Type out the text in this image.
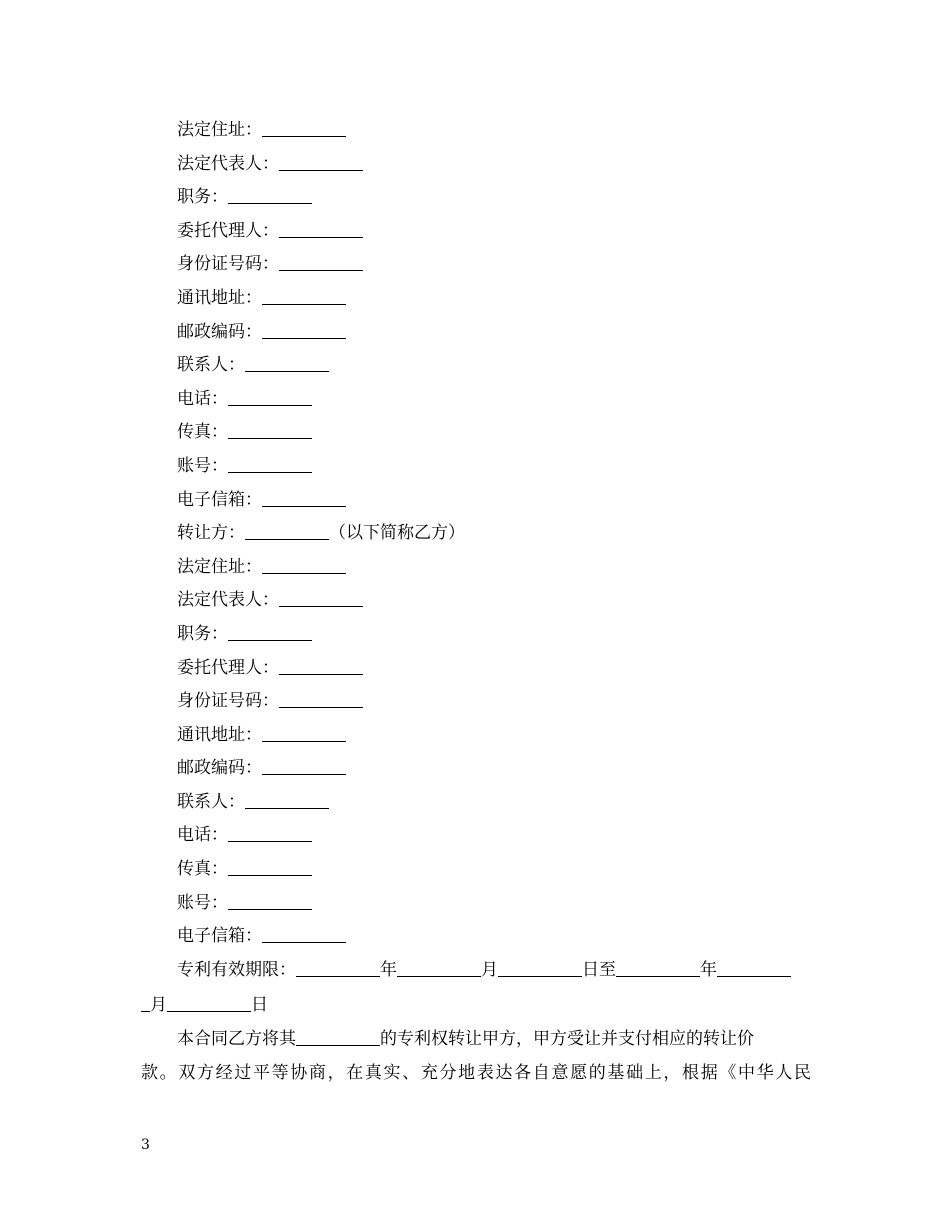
法定住址：
法定代表人：
职务：
委托代理人：
身份证号码：
通讯地址：
邮政编码：
联系人：
电话：
传真：
账号：
电子信箱：
转让方：	（以下简称乙方）
法定住址：
法定代表人：
职务：
委托代理人：
身份证号码：
通讯地址：
邮政编码：
联系人：
电话：
传真：
账号：
电子信箱：
专利有效期限：	年	月	日至	年
月	日
本合同乙方将其	的专利权转让甲方，甲方受让并支付相应的转让价
款。双方经过平等协商，在真实、充分地表达各自意愿的基础上，根据《中华人民
3
